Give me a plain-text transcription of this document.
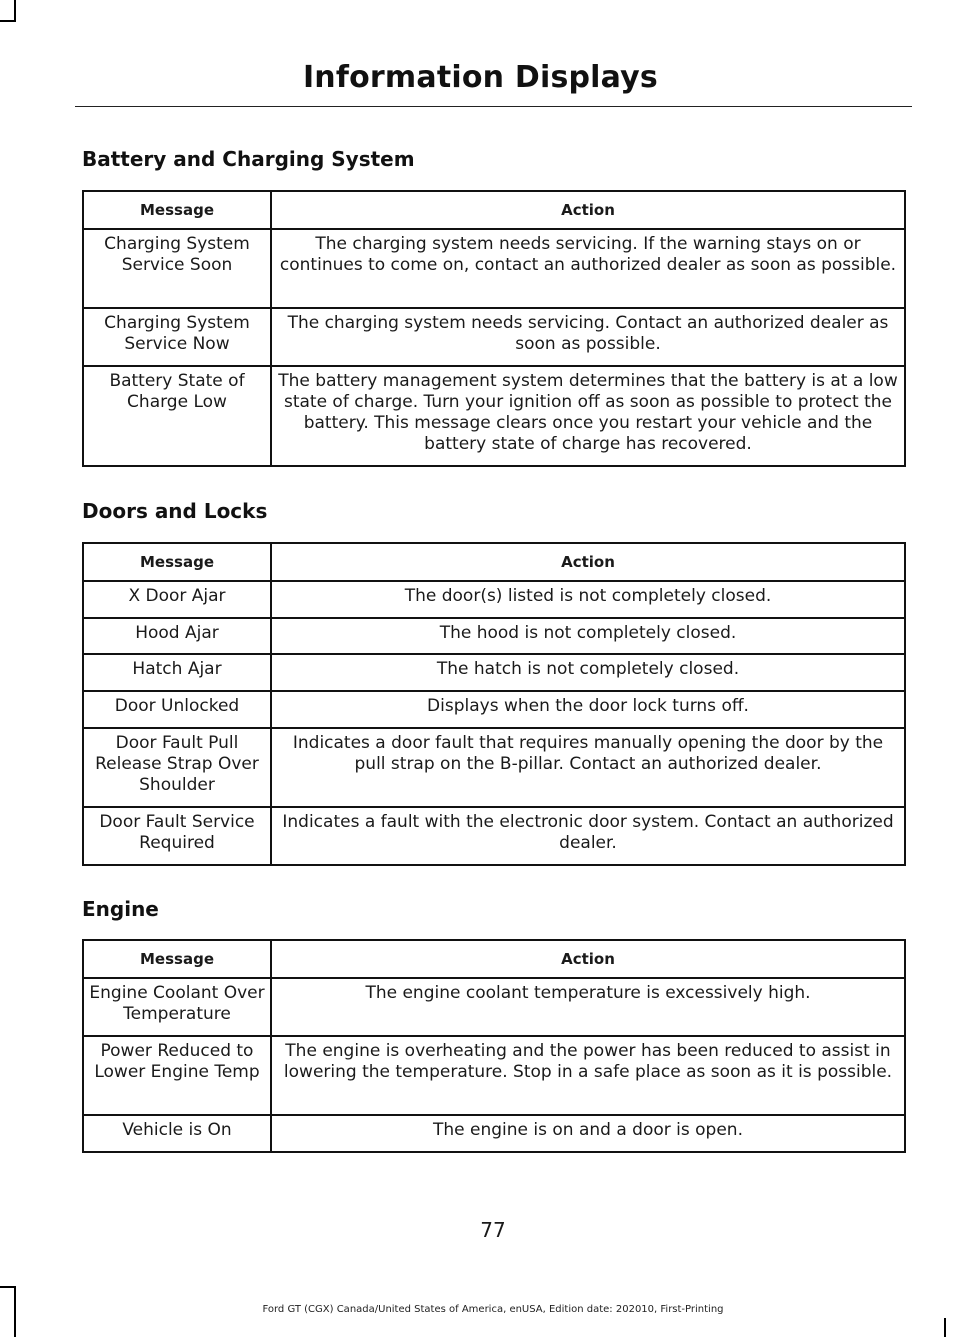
Information Displays
Battery and Charging System
Message	Action
Charging System Service Soon	The charging system needs servicing. If the warning stays on or continues to come on, contact an authorized dealer as soon as possible.
Charging System Service Now	The charging system needs servicing. Contact an authorized dealer as soon as possible.
Battery State of Charge Low	The battery management system determines that the battery is at a low state of charge. Turn your ignition off as soon as possible to protect the battery. This message clears once you restart your vehicle and the battery state of charge has recovered.
Doors and Locks
Message	Action
X Door Ajar	The door(s) listed is not completely closed.
Hood Ajar	The hood is not completely closed.
Hatch Ajar	The hatch is not completely closed.
Door Unlocked	Displays when the door lock turns off.
Door Fault Pull Release Strap Over Shoulder	Indicates a door fault that requires manually opening the door by the pull strap on the B-pillar. Contact an authorized dealer.
Door Fault Service Required	Indicates a fault with the electronic door system. Contact an authorized dealer.
Engine
Message	Action
Engine Coolant Over Temperature	The engine coolant temperature is excessively high.
Power Reduced to Lower Engine Temp	The engine is overheating and the power has been reduced to assist in lowering the temperature. Stop in a safe place as soon as it is possible.
Vehicle is On	The engine is on and a door is open.
77
Ford GT (CGX) Canada/United States of America, enUSA, Edition date: 202010, First-Printing
